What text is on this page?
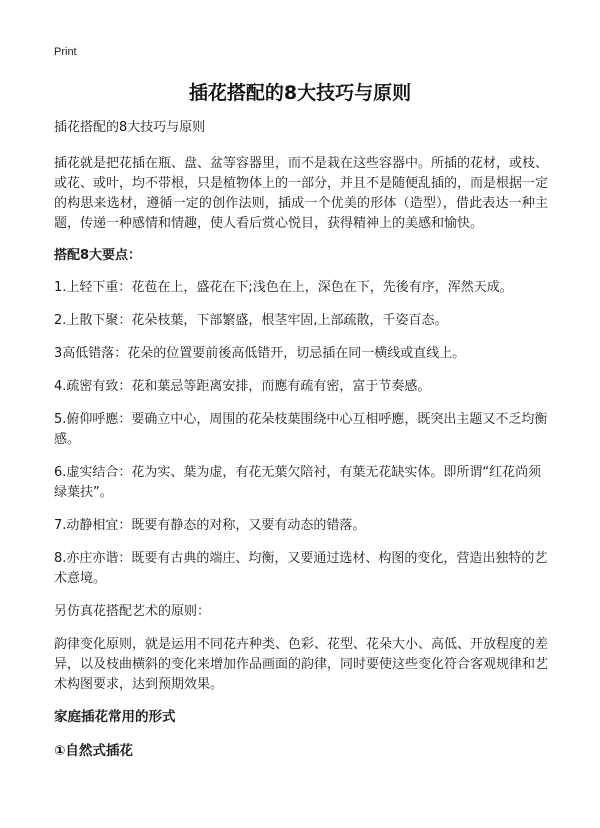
Print
插花搭配的8大技巧与原则
插花搭配的8大技巧与原则
插花就是把花插在瓶、盘、盆等容器里，而不是栽在这些容器中。所插的花材，或枝、或花、或叶，均不带根，只是植物体上的一部分，并且不是随便乱插的，而是根据一定的构思来选材，遵循一定的创作法则，插成一个优美的形体（造型），借此表达一种主题，传递一种感情和情趣，使人看后赏心悦目，获得精神上的美感和愉快。
搭配8大要点：
1.上轻下重：花苞在上，盛花在下;浅色在上，深色在下，先後有序，浑然天成。
2.上散下聚：花朵枝葉，下部繁盛，根茎牢固,上部疏散，千姿百态。
3高低错落：花朵的位置要前後高低错开，切忌插在同一横线或直线上。
4.疏密有致：花和葉忌等距离安排，而應有疏有密，富于节奏感。
5.俯仰呼應：要确立中心，周围的花朵枝葉围绕中心互相呼應，既突出主题又不乏均衡感。
6.虚实结合：花为实、葉为虚，有花无葉欠陪衬，有葉无花缺实体。即所谓“红花尚须绿葉扶”。
7.动静相宜：既要有静态的对称，又要有动态的错落。
8.亦庄亦谐：既要有古典的端庄、均衡，又要通过选材、构图的变化，营造出独特的艺术意境。
另仿真花搭配艺术的原则：
韵律变化原则，就是运用不同花卉种类、色彩、花型、花朵大小、高低、开放程度的差异，以及枝曲横斜的变化来增加作品画面的韵律，同时要使这些变化符合客观规律和艺术构图要求，达到预期效果。
家庭插花常用的形式
①自然式插花
